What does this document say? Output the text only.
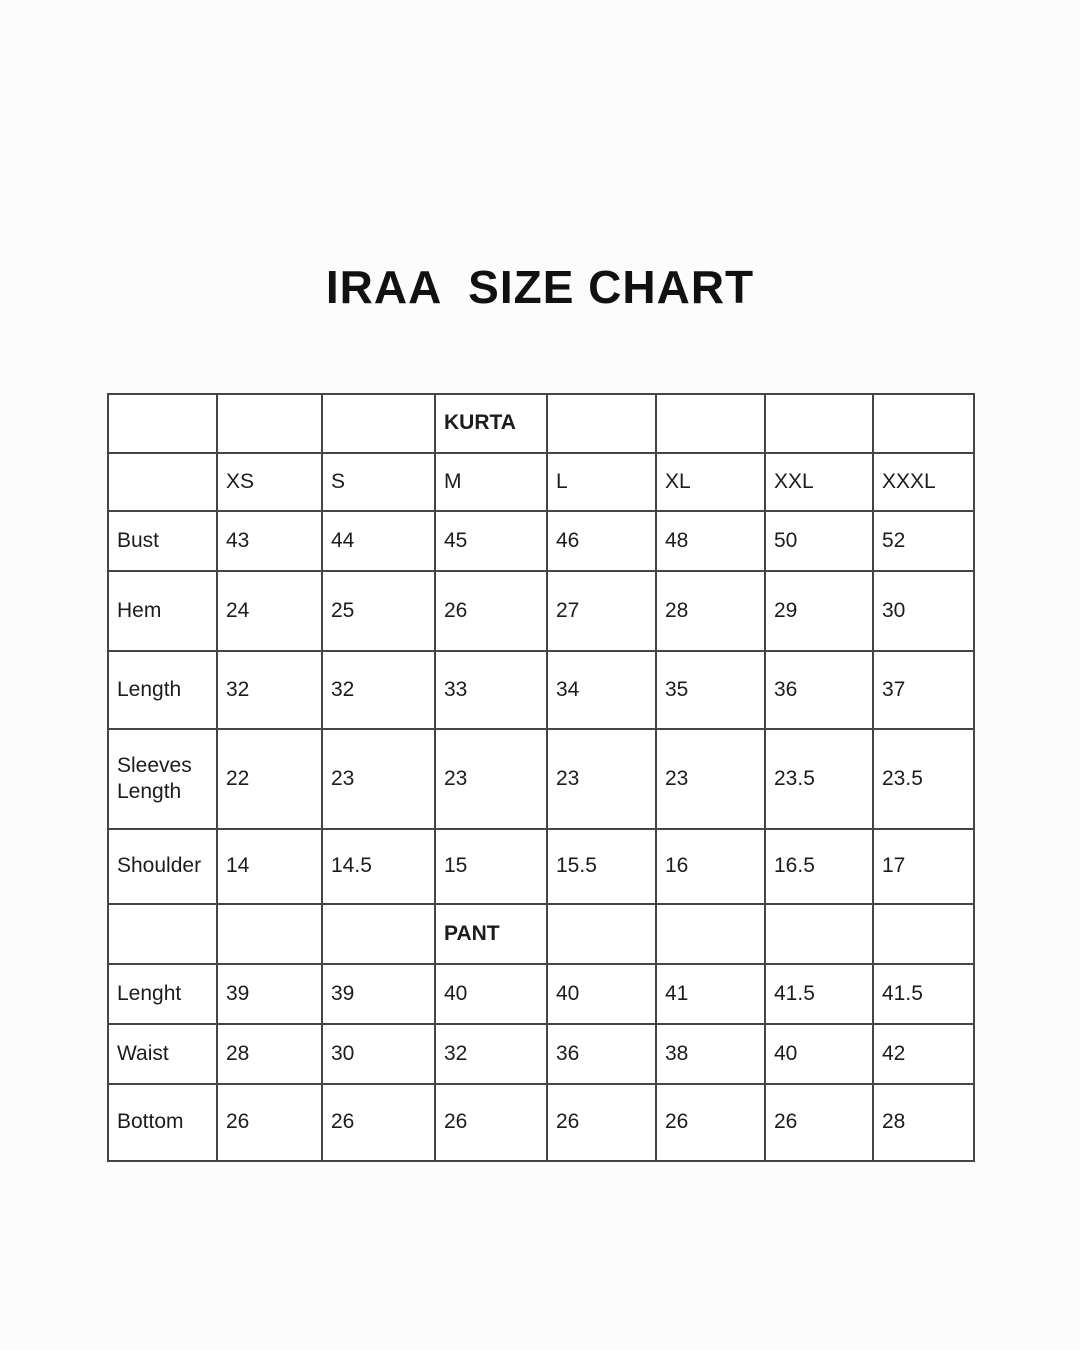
IRAA  SIZE CHART
			KURTA				
	XS	S	M	L	XL	XXL	XXXL
Bust	43	44	45	46	48	50	52
Hem	24	25	26	27	28	29	30
Length	32	32	33	34	35	36	37
Sleeves Length	22	23	23	23	23	23.5	23.5
Shoulder	14	14.5	15	15.5	16	16.5	17
			PANT				
Lenght	39	39	40	40	41	41.5	41.5
Waist	28	30	32	36	38	40	42
Bottom	26	26	26	26	26	26	28
